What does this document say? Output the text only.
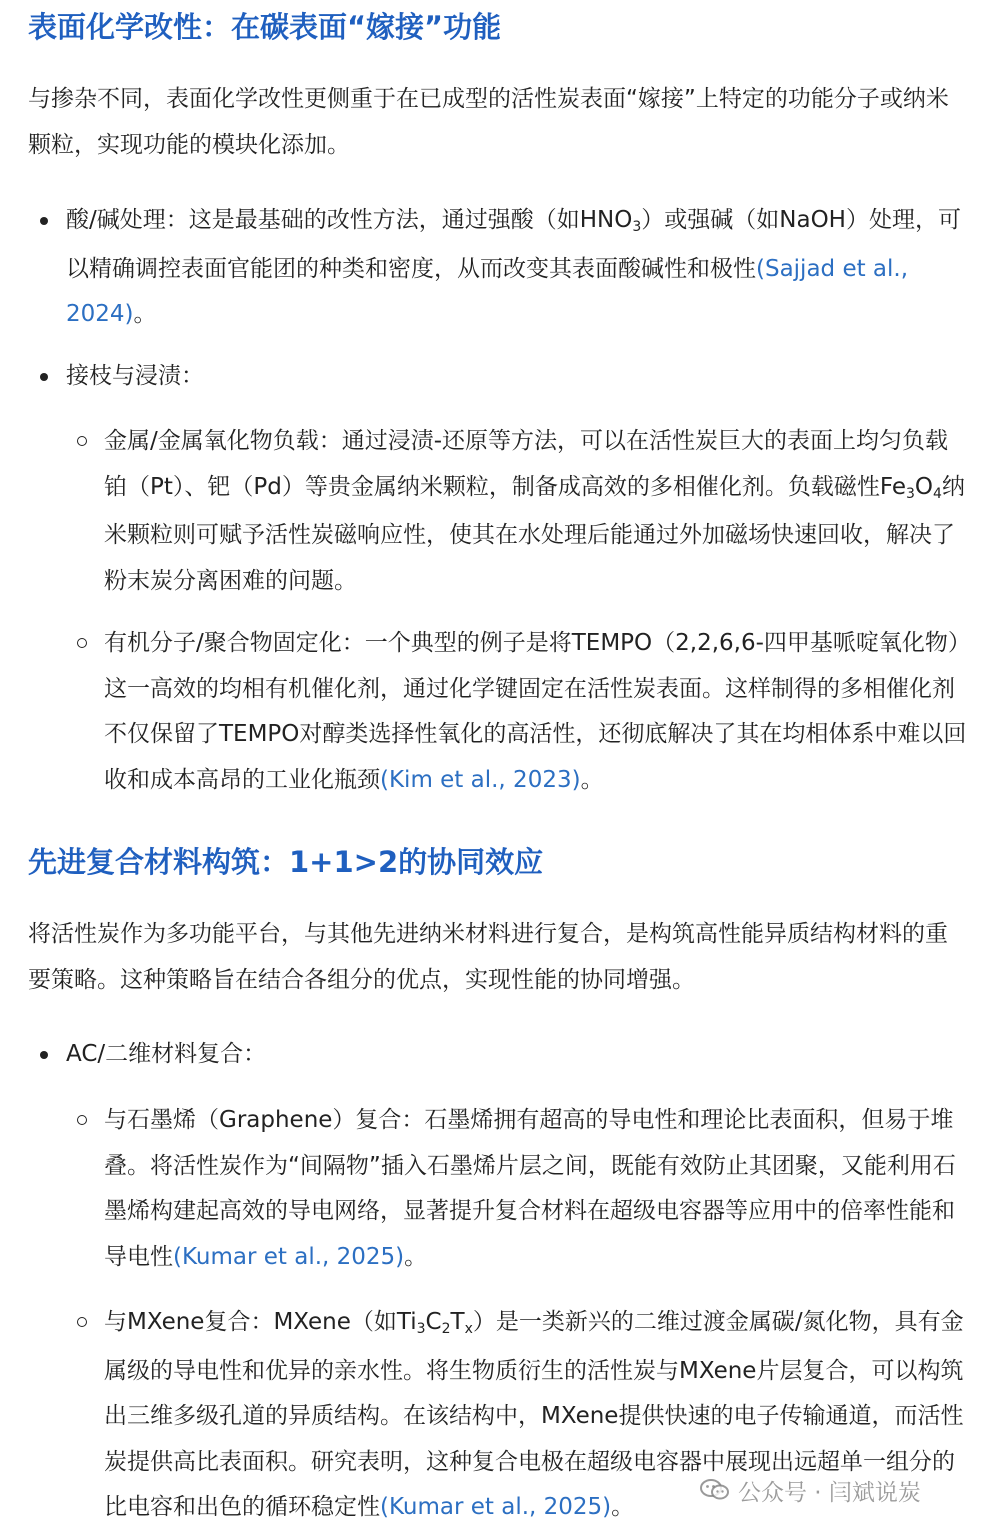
表面化学改性：在碳表面“嫁接”功能

与掺杂不同，表面化学改性更侧重于在已成型的活性炭表面“嫁接”上特定的功能分子或纳米颗粒，实现功能的模块化添加。

酸/碱处理：这是最基础的改性方法，通过强酸（如$HNO_3$）或强碱（如NaOH）处理，可以精确调控表面官能团的种类和密度，从而改变其表面酸碱性和极性(Sajjad et al., 2024)。
接枝与浸渍：
金属/金属氧化物负载：通过浸渍-还原等方法，可以在活性炭巨大的表面上均匀负载铂（Pt）、钯（Pd）等贵金属纳米颗粒，制备成高效的多相催化剂。负载磁性$Fe_3O_4$纳米颗粒则可赋予活性炭磁响应性，使其在水处理后能通过外加磁场快速回收，解决了粉末炭分离困难的问题。
有机分子/聚合物固定化：一个典型的例子是将TEMPO（2,2,6,6-四甲基哌啶氧化物）这一高效的均相有机催化剂，通过化学键固定在活性炭表面。这样制得的多相催化剂不仅保留了TEMPO对醇类选择性氧化的高活性，还彻底解决了其在均相体系中难以回收和成本高昂的工业化瓶颈(Kim et al., 2023)。
先进复合材料构筑：1+1>2的协同效应

将活性炭作为多功能平台，与其他先进纳米材料进行复合，是构筑高性能异质结构材料的重要策略。这种策略旨在结合各组分的优点，实现性能的协同增强。

AC/二维材料复合：
与石墨烯（Graphene）复合：石墨烯拥有超高的导电性和理论比表面积，但易于堆叠。将活性炭作为“间隔物”插入石墨烯片层之间，既能有效防止其团聚，又能利用石墨烯构建起高效的导电网络，显著提升复合材料在超级电容器等应用中的倍率性能和导电性(Kumar et al., 2025)。
与MXene复合：MXene（如$Ti_3C_2T_x$）是一类新兴的二维过渡金属碳/氮化物，具有金属级的导电性和优异的亲水性。将生物质衍生的活性炭与MXene片层复合，可以构筑出三维多级孔道的异质结构。在该结构中，MXene提供快速的电子传输通道，而活性炭提供高比表面积。研究表明，这种复合电极在超级电容器中展现出远超单一组分的比电容和出色的循环稳定性(Kumar et al., 2025)。
公众号 · 闫斌说炭
